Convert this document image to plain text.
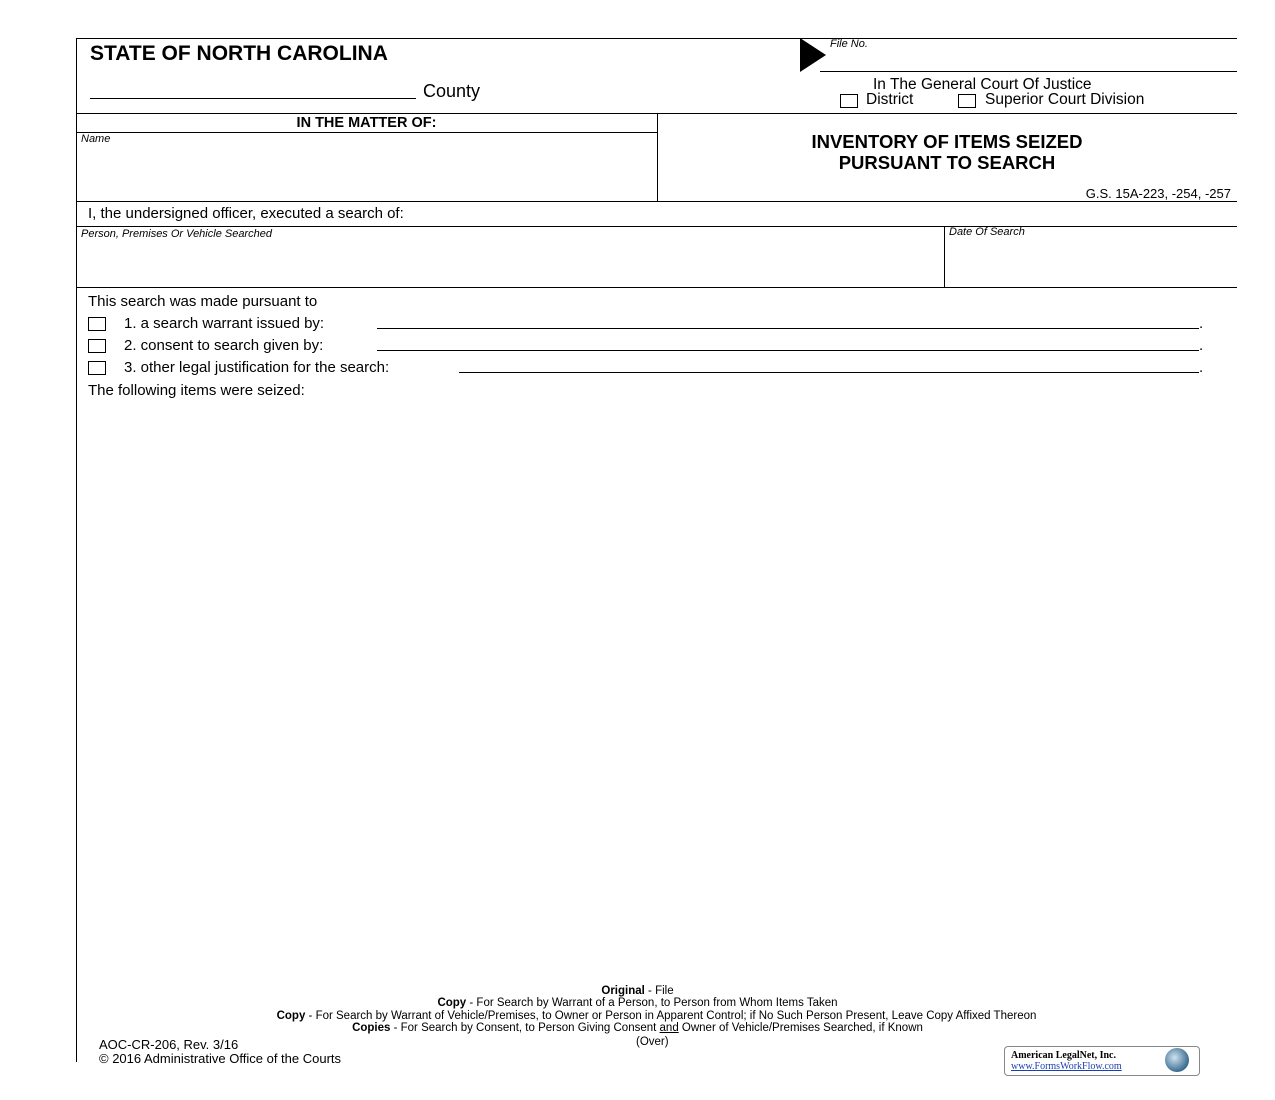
STATE OF NORTH CAROLINA
County
File No.
In The General Court Of Justice
District	Superior Court Division
IN THE MATTER OF:
Name	INVENTORY OF ITEMS SEIZED
PURSUANT TO SEARCH
G.S. 15A-223, -254, -257
I, the undersigned officer, executed a search of:
Person, Premises Or Vehicle Searched	Date Of Search
This search was made pursuant to
1. a search warrant issued by:	.
2. consent to search given by:	.
3. other legal justification for the search:	.
The following items were seized:
Original - File
Copy - For Search by Warrant of a Person, to Person from Whom Items Taken
Copy - For Search by Warrant of Vehicle/Premises, to Owner or Person in Apparent Control; if No Such Person Present, Leave Copy Affixed Thereon
Copies - For Search by Consent, to Person Giving Consent and Owner of Vehicle/Premises Searched, if Known
AOC-CR-206, Rev. 3/16	(Over)
© 2016 Administrative Office of the Courts	American LegalNet, Inc.
www.FormsWorkFlow.com
